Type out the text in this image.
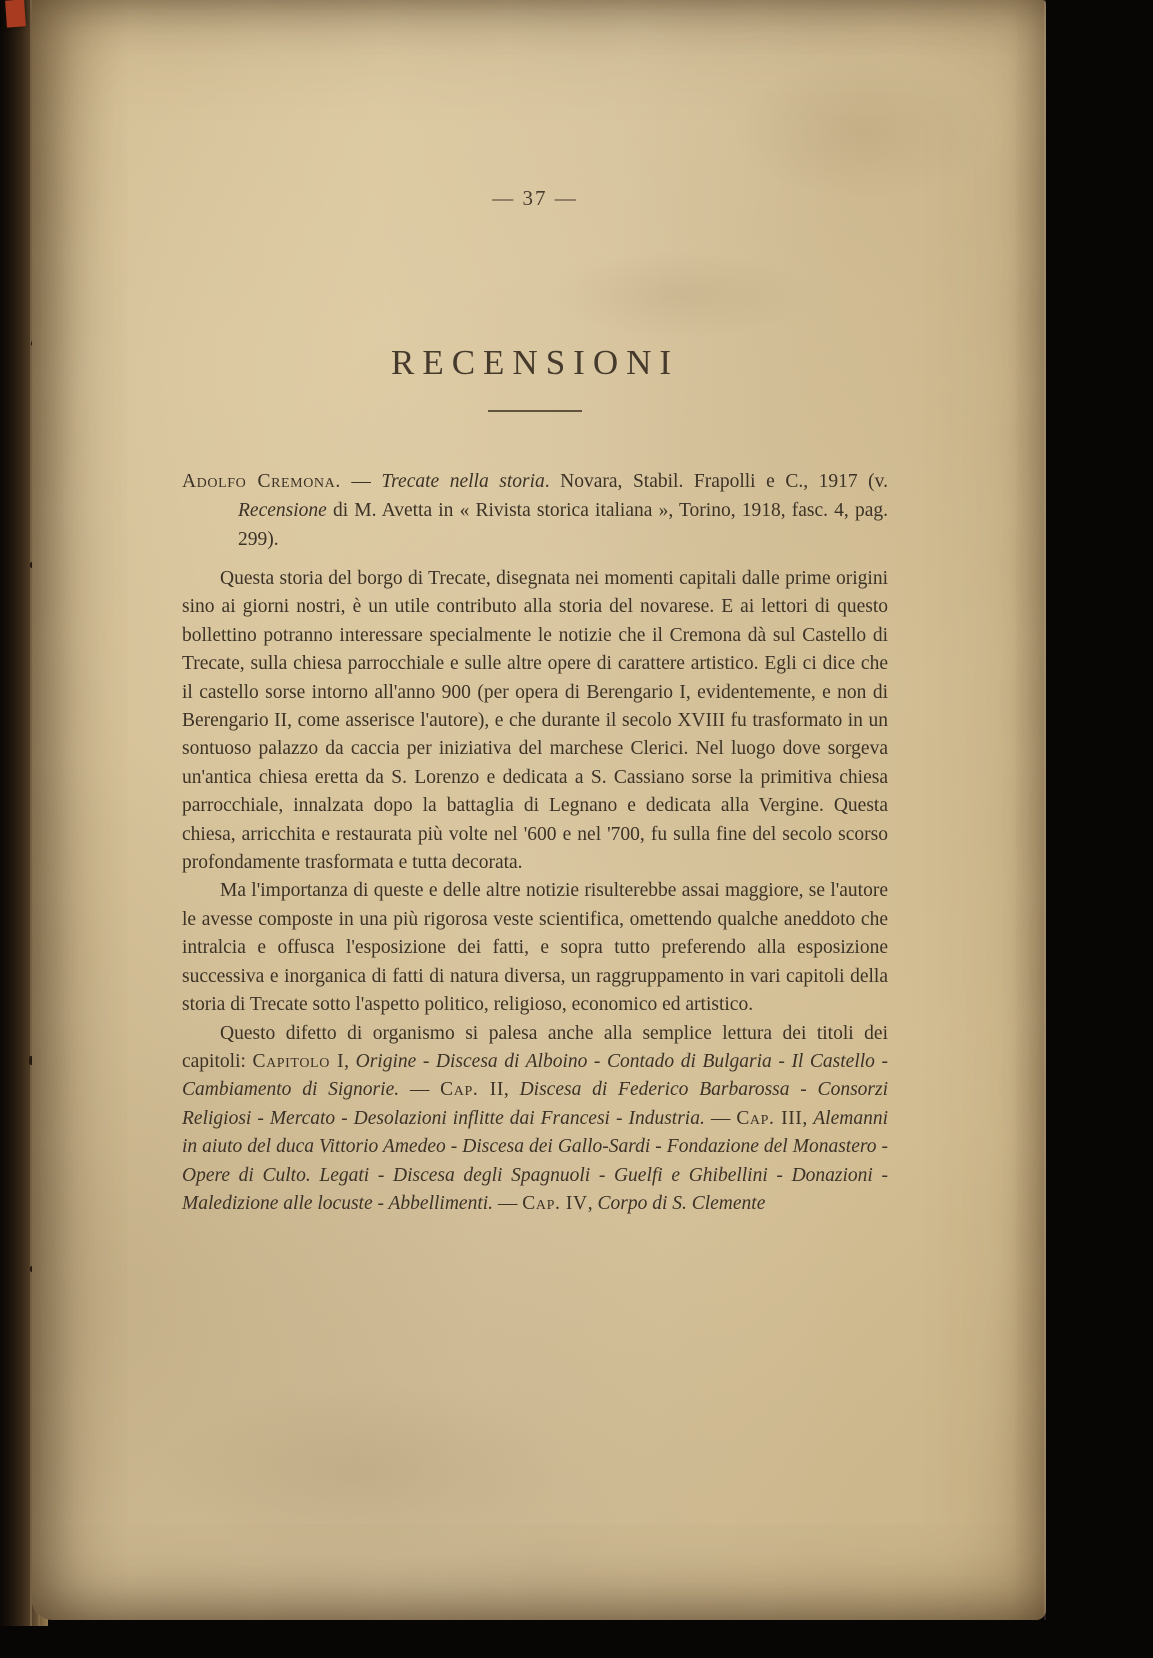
— 37 —
RECENSIONI
Adolfo Cremona. — Trecate nella storia. Novara, Stabil. Frapolli e C., 1917 (v. Recensione di M. Avetta in « Rivista storica italiana », Torino, 1918, fasc. 4, pag. 299).

Questa storia del borgo di Trecate, disegnata nei momenti capitali dalle prime origini sino ai giorni nostri, è un utile contributo alla storia del novarese. E ai lettori di questo bollettino potranno interessare specialmente le notizie che il Cremona dà sul Castello di Trecate, sulla chiesa parrocchiale e sulle altre opere di carattere artistico. Egli ci dice che il castello sorse intorno all'anno 900 (per opera di Berengario I, evidentemente, e non di Berengario II, come asserisce l'autore), e che durante il secolo XVIII fu trasformato in un sontuoso palazzo da caccia per iniziativa del marchese Clerici. Nel luogo dove sorgeva un'antica chiesa eretta da S. Lorenzo e dedicata a S. Cassiano sorse la primitiva chiesa parrocchiale, innalzata dopo la battaglia di Legnano e dedicata alla Vergine. Questa chiesa, arricchita e restaurata più volte nel '600 e nel '700, fu sulla fine del secolo scorso profondamente trasformata e tutta decorata.

Ma l'importanza di queste e delle altre notizie risulterebbe assai maggiore, se l'autore le avesse composte in una più rigorosa veste scientifica, omettendo qualche aneddoto che intralcia e offusca l'esposizione dei fatti, e sopra tutto preferendo alla esposizione successiva e inorganica di fatti di natura diversa, un raggruppamento in vari capitoli della storia di Trecate sotto l'aspetto politico, religioso, economico ed artistico.

Questo difetto di organismo si palesa anche alla semplice lettura dei titoli dei capitoli: Capitolo I, Origine - Discesa di Alboino - Contado di Bulgaria - Il Castello - Cambiamento di Signorie. — Cap. II, Discesa di Federico Barbarossa - Consorzi Religiosi - Mercato - Desolazioni inflitte dai Francesi - Industria. — Cap. III, Alemanni in aiuto del duca Vittorio Amedeo - Discesa dei Gallo-Sardi - Fondazione del Monastero - Opere di Culto. Legati - Discesa degli Spagnuoli - Guelfi e Ghibellini - Donazioni - Maledizione alle locuste - Abbellimenti. — Cap. IV, Corpo di S. Clemente
